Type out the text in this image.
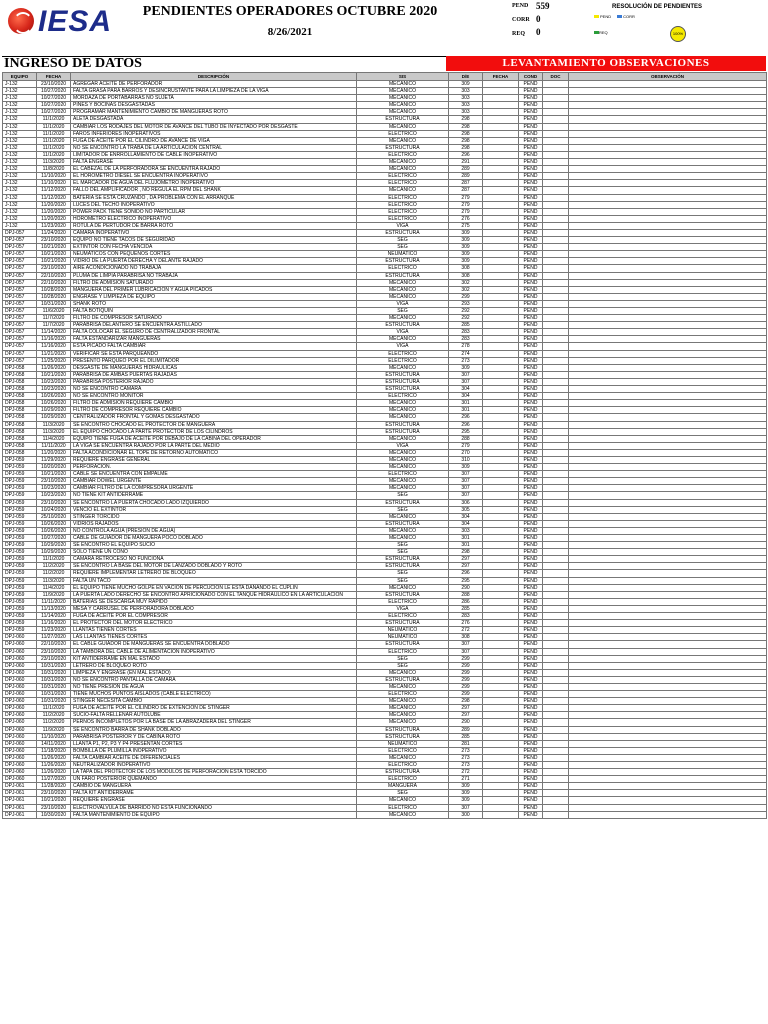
IESA	PENDIENTES OPERADORES OCTUBRE 2020
8/26/2021
PEND 559
CORR 0
REQ 0
RESOLUCIÓN DE PENDIENTES
PEND	CORR
REQ	100%
INGRESO DE DATOS	LEVANTAMIENTO OBSERVACIONES
EQUIPO	FECHA	DESCRIPCIÓN	SIS	D/E	FECHA	COND	DOC	OBSERVACIÓN
J-132	23/10/2020	AGREGAR ACEITE DE PERFORADOR	MECANICO	309		PEND		
J-132	10/27/2020	FALTA GRASA PARA BARROS Y DESINCRUSTANTE PARA LA LIMPIEZA DE LA VIGA	MECANICO	303		PEND		
J-132	10/27/2020	MORDAZA DE PORTABARRAS NO SUJETA	MECANICO	303		PEND		
J-132	10/27/2020	PINES Y BOCINAS DESGASTADAS	MECANICO	303		PEND		
J-132	10/27/2020	PROGRAMAR MANTENIMIENTO CAMBIO DE MANGUERAS ROTO	MECANICO	303		PEND		
J-132	11/1/2020	ALETA DESGASTADA	ESTRUCTURA	298		PEND		
J-132	11/1/2020	CAMBIAR LOS RODAJES DEL MOTOR DE AVANCE DEL TUBO DE INYECTADO POR DESGASTE	MECANICO	298		PEND		
J-132	11/1/2020	FAROS INFERIORES INOPERATIVOS	ELECTRICO	298		PEND		
J-132	11/1/2020	FUGA DE ACEITE POR EL CILINDRO DE AVANCE DE VIGA	MECANICO	298		PEND		
J-132	11/1/2020	NO SE ENCONTRO LA TRABA DE LA ARTICULACION CENTRAL	ESTRUCTURA	298		PEND		
J-132	11/1/2020	LIMITADOR DE ENRROLLAMIENTO DE CABLE INOPERATIVO	ELECTRICO	296		PEND		
J-132	11/3/2020	FALTA ENGRASE	MECANICO	291		PEND		
J-132	11/8/2020	EL CABEZAL DE LA PERFORADORA SE ENCUENTRA RAJADO	MECANICO	289		PEND		
J-132	11/10/2020	EL HOROMETRO DIESEL SE ENCUENTRA INOPERATIVO	ELECTRICO	289		PEND		
J-132	11/10/2020	EL MARCADOR DE AGUA DEL FLUJOMETRO INOPERATIVO	ELECTRICO	287		PEND		
J-132	11/12/2020	FALLO DEL AMPLIFICADOR , NO REGULA EL RPM DEL SHANK	MECANICO	287		PEND		
J-132	11/12/2020	BATERIA SE ESTA CRUZANDO , DA PROBLEMA CON EL ARRANQUE	ELECTRICO	279		PEND		
J-132	11/20/2020	LUCES DEL TECHO INOPERATIVO	ELECTRICO	279		PEND		
J-132	11/20/2020	POWER PACK TIENE SONIDO NO PARTICULAR	ELECTRICO	279		PEND		
J-132	11/20/2020	HOROMETRO ELECTRICO INOPERATIVO	ELECTRICO	276		PEND		
J-132	11/23/2020	ROTULA DE PERTUDOR DE BARRA ROTO	VIGA	275		PEND		
DPJ-057	11/24/2020	CAMARA INOPERATIVO	ESTRUCTURA	309		PEND		
DPJ-057	23/10/2020	EQUIPO NO TIENE TACOS DE SEGURIDAD	SEG	309		PEND		
DPJ-057	10/21/2020	EXTINTOR CON FECHA VENCIDA	SEG	309		PEND		
DPJ-057	10/21/2020	NEUMATICOS CON PEQUEÑOS CORTES	NEUMATICO	309		PEND		
DPJ-057	10/21/2020	VIDRIO DE LA PUERTA DERECHA Y DELANTE RAJADO	ESTRUCTURA	309		PEND		
DPJ-057	23/10/2020	AIRE ACONDICIONADO NO TRABAJA	ELECTRICO	308		PEND		
DPJ-057	22/10/2020	PLUMA DE LIMPIA PARABRISA NO TRABAJA	ESTRUCTURA	308		PEND		
DPJ-057	22/10/2020	FILTRO DE ADMISION SATURADO	MECANICO	302		PEND		
DPJ-057	10/28/2020	MANGUERA DEL PRIMER LUBRICACION Y AGUA PICADOS	MECANICO	302		PEND		
DPJ-057	10/28/2020	ENGRASE Y LIMPIEZA DE EQUIPO	MECANICO	299		PEND		
DPJ-057	10/31/2020	SHANK ROTO	VIGA	293		PEND		
DPJ-057	11/6/2020	FALTA BOTIQUIN	SEG	292		PEND		
DPJ-057	11/7/2020	FILTRO DE COMPRESOR SATURADO	MECANICO	292		PEND		
DPJ-057	11/7/2020	PARABRISA DELANTERO SE ENCUENTRA ASTILLADO	ESTRUCTURA	285		PEND		
DPJ-057	11/14/2020	FALTA COLOCAR EL SEGURO DE CENTRALIZADOR FRONTAL	VIGA	283		PEND		
DPJ-057	11/16/2020	FALTA ESTANDARIZAR MANGUERAS	MECANICO	283		PEND		
DPJ-057	11/16/2020	ESTA PICADO FALTA CAMBIAR	VIGA	278		PEND		
DPJ-057	11/21/2020	VERIFICAR SE ESTA PARQUEANDO	ELECTRICO	274		PEND		
DPJ-057	11/25/2020	PRESENTO PARQUEO POR EL DILIMITADOR	ELECTRICO	273		PEND		
DPJ-058	11/26/2020	DESGASTE DE MANGUERAS HIDRAULICAS	MECANICO	309		PEND		
DPJ-058	10/21/2020	PARABRISA DE AMBAS PUERTAS RAJADAS	ESTRUCTURA	307		PEND		
DPJ-058	10/23/2020	PARABRISA POSTERIOR RAJADO	ESTRUCTURA	307		PEND		
DPJ-058	10/23/2020	NO SE ENCONTRO CAMARA	ESTRUCTURA	304		PEND		
DPJ-058	10/26/2020	NO SE ENCONTRO MONITOR	ELECTRICO	304		PEND		
DPJ-058	10/26/2020	FILTRO DE ADMISION REQUIERE CAMBIO	MECANICO	301		PEND		
DPJ-058	10/29/2020	FILTRO DE COMPRESOR REQUIERE CAMBIO	MECANICO	301		PEND		
DPJ-058	10/29/2020	CENTRALIZADOR FRONTAL Y GOMAS DESGASTADO	MECANICO	296		PEND		
DPJ-058	11/3/2020	SE ENCONTRO CHOCADO EL PROTECTOR DE MANGUERA	ESTRUCTURA	296		PEND		
DPJ-058	11/3/2020	EL EQUIPO CHOCADO LA PARTE PROTECTOR DE LOS CILINDROS	ESTRUCTURA	295		PEND		
DPJ-058	11/4/2020	EQUIPO TIENE FUGA DE ACEITE POR DEBAJO DE LA CABINA DEL OPERADOR	MECANICO	288		PEND		
DPJ-058	11/11/2020	LA VIGA SE ENCUENTRA RAJADO POR LA PARTE DEL MEDIO	VIGA	279		PEND		
DPJ-058	11/20/2020	FALTA ACONDICIONAR EL TOPE DE RETORNO AUTOMATICO	MECANICO	270		PEND		
DPJ-059	11/29/2020	REQUIERE ENGRASE GENERAL	MECANICO	310		PEND		
DPJ-059	10/20/2020	PERFORACION.	MECANICO	309		PEND		
DPJ-059	10/21/2020	CABLE SE ENCUENTRA CON EMPALME	ELECTRICO	307		PEND		
DPJ-059	23/10/2020	CAMBIAR DOWEL URGENTE	MECANICO	307		PEND		
DPJ-059	10/23/2020	CAMBIAR FILTRO DE LA COMPRESORA URGENTE	MECANICO	307		PEND		
DPJ-059	10/23/2020	NO TIENE KIT ANTIDERRAME	SEG	307		PEND		
DPJ-059	23/10/2020	SE ENCONTRO LA PUERTA CHOCADO LADO IZQUIERDO	ESTRUCTURA	306		PEND		
DPJ-059	10/24/2020	VENCIO EL EXTINTOR	SEG	305		PEND		
DPJ-059	25/10/2020	STINGER TORCIDO	MECANICO	304		PEND		
DPJ-059	10/26/2020	VIDRIOS RAJADOS	ESTRUCTURA	304		PEND		
DPJ-059	10/26/2020	NO CONTROLA AGUA (PRESION DE AGUA)	MECANICO	303		PEND		
DPJ-059	10/27/2020	CABLE DE GUIADOR DE MANGUERA POCO DOBLADO	MECANICO	301		PEND		
DPJ-059	10/29/2020	SE ENCONTRO EL EQUIPO SUCIO	SEG	301		PEND		
DPJ-059	10/29/2020	SOLO TIENE UN CONO	SEG	298		PEND		
DPJ-059	11/1/2020	CAMARA RETROCESO NO FUNCIONA	ESTRUCTURA	297		PEND		
DPJ-059	11/2/2020	SE ENCONTRO LA BASE DEL MOTOR DE LANZADO DOBLADO Y ROTO	ESTRUCTURA	297		PEND		
DPJ-059	11/2/2020	REQUIERE IMPLEMENTAR LETRERO DE BLOQUEO	SEG	296		PEND		
DPJ-059	11/3/2020	FALTA UN TACO	SEG	295		PEND		
DPJ-059	11/4/2020	EL EQUIPO TIENE MUCHO GOLPE EN VACION DE PERCUCION LE ESTA DAÑANDO EL CUPLIN	MECANICO	290		PEND		
DPJ-059	11/9/2020	LA PUERTA LADO DERECHO SE ENCONTRO APRICIONADO CON EL TANQUE HIDRAULICO EN LA ARTICULACIÓN	ESTRUCTURA	288		PEND		
DPJ-059	11/11/2020	BATERIAS SE DESCARGA MUY RAPIDO	ELECTRICO	286		PEND		
DPJ-059	11/13/2020	MESA Y CARRUSEL DE PERFORADORA DOBLADO	VIGA	285		PEND		
DPJ-059	11/14/2020	FUGA DE ACEITE POR EL COMPRESOR	ELECTRICO	283		PEND		
DPJ-059	11/16/2020	EL PROTECTOR DEL MOTOR ELECTRICO	ESTRUCTURA	276		PEND		
DPJ-059	11/23/2020	LLANTAS TIENEN CORTES	NEUMATICO	272		PEND		
DPJ-060	11/27/2020	LAS LLANTAS TIENES CORTES	NEUMATICO	308		PEND		
DPJ-060	22/10/2020	EL CABLE GUIADOR DE MANGUERAS SE ENCUENTRA DOBLADO	ESTRUCTURA	307		PEND		
DPJ-060	23/10/2020	LA TAMBORA DEL CABLE DE ALIMENTACION INOPERATIVO	ELECTRICO	307		PEND		
DPJ-060	23/10/2020	KIT ANTIDERRAME EN MAL ESTADO	SEG	299		PEND		
DPJ-060	10/31/2020	LETRERO DE BLOQUEO ROTO	SEG	299		PEND		
DPJ-060	10/31/2020	LIMPIEZA Y ENGRASE (EN MAL ESTADO)	MECANICO	299		PEND		
DPJ-060	10/31/2020	NO SE ENCONTRO PANTALLA DE CAMARA	ESTRUCTURA	299		PEND		
DPJ-060	10/31/2020	NO TIENE PRESION DE AGUA	MECANICO	299		PEND		
DPJ-060	10/31/2020	TIENE MUCHOS PUNTOS AISLADOS (CABLE ELECTRICO)	ELECTRICO	299		PEND		
DPJ-060	10/31/2020	STINGER NECESITA CAMBIO	MECANICO	298		PEND		
DPJ-060	11/1/2020	FUGA DE ACEITE POR EL CILINDRO DE EXTENCION DE STINGER	MECANICO	297		PEND		
DPJ-060	11/2/2020	SUCIO-FALTA RELLENAR AUTOLUBE	MECANICO	297		PEND		
DPJ-060	11/2/2020	PERNOS INCOMPLETOS POR LA BASE DE LA ABRAZADERA DEL STINGER	MECANICO	290		PEND		
DPJ-060	11/9/2020	SE ENCONTRO BARRA DE SHANK DOBLADO	ESTRUCTURA	289		PEND		
DPJ-060	11/10/2020	PARABRISA POSTERIOR Y DE CABINA ROTO	ESTRUCTURA	285		PEND		
DPJ-060	14/11/2020	LLANTA P1, P2, P3 Y P4 PRESENTAN CORTES	NEUMATICO	281		PEND		
DPJ-060	11/18/2020	BOMBILLA DE PLUMILLA INOPERATIVO	ELECTRICO	273		PEND		
DPJ-060	11/26/2020	FALTA CAMBIAR ACEITE DE DIFERENCIALES	MECANICO	273		PEND		
DPJ-060	11/26/2020	NEUTRALIZADOR INOPERATIVO	ELECTRICO	273		PEND		
DPJ-060	11/26/2020	LA TAPA DEL PROTECTOR DE LOS MODULOS DE PERFORACION ESTA TORCIDO	ESTRUCTURA	272		PEND		
DPJ-060	11/27/2020	UN FARO POSTERIOR QUEMANDO	ELECTRICO	271		PEND		
DPJ-061	11/28/2020	CAMBIO DE MANGUERA	MANGUERA	309		PEND		
DPJ-061	23/10/2020	FALTA KIT ANTIDERRAME	SEG	309		PEND		
DPJ-061	10/21/2020	REQUIERE ENGRASE	MECANICO	309		PEND		
DPJ-061	23/10/2020	ELECTROVALVULA DE BARRIDO NO ESTA FUNCIONANDO	ELECTRICO	307		PEND		
DPJ-061	10/30/2020	FALTA MANTENIMIENTO DE EQUIPO	MECANICO	300		PEND		
